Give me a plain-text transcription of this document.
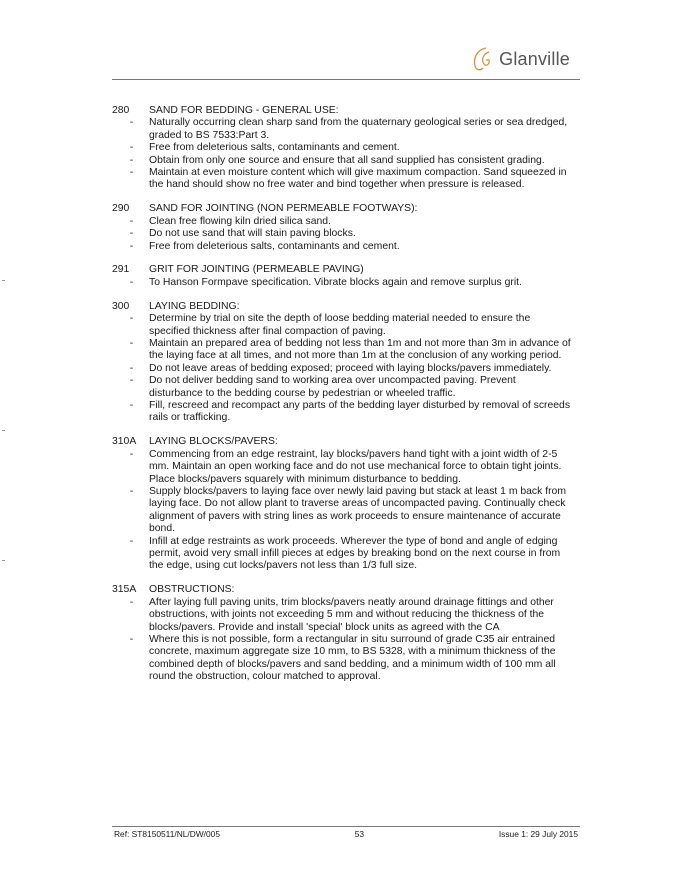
Glanville
280	SAND FOR BEDDING - GENERAL USE:
-	Naturally occurring clean sharp sand from the quaternary geological series or sea dredged, graded to BS 7533:Part 3.
-	Free from deleterious salts, contaminants and cement.
-	Obtain from only one source and ensure that all sand supplied has consistent grading.
-	Maintain at even moisture content which will give maximum compaction. Sand squeezed in the hand should show no free water and bind together when pressure is released.
290	SAND FOR JOINTING (NON PERMEABLE FOOTWAYS):
-	Clean free flowing kiln dried silica sand.
-	Do not use sand that will stain paving blocks.
-	Free from deleterious salts, contaminants and cement.
291	GRIT FOR JOINTING (PERMEABLE PAVING)
-	To Hanson Formpave specification. Vibrate blocks again and remove surplus grit.
300	LAYING BEDDING:
-	Determine by trial on site the depth of loose bedding material needed to ensure the specified thickness after final compaction of paving.
-	Maintain an prepared area of bedding not less than 1m and not more than 3m in advance of the laying face at all times, and not more than 1m at the conclusion of any working period.
-	Do not leave areas of bedding exposed; proceed with laying blocks/pavers immediately.
-	Do not deliver bedding sand to working area over uncompacted paving. Prevent disturbance to the bedding course by pedestrian or wheeled traffic.
-	Fill, rescreed and recompact any parts of the bedding layer disturbed by removal of screeds rails or trafficking.
310A	LAYING BLOCKS/PAVERS:
-	Commencing from an edge restraint, lay blocks/pavers hand tight with a joint width of 2-5 mm. Maintain an open working face and do not use mechanical force to obtain tight joints. Place blocks/pavers squarely with minimum disturbance to bedding.
-	Supply blocks/pavers to laying face over newly laid paving but stack at least 1 m back from laying face. Do not allow plant to traverse areas of uncompacted paving. Continually check alignment of pavers with string lines as work proceeds to ensure maintenance of accurate bond.
-	Infill at edge restraints as work proceeds. Wherever the type of bond and angle of edging permit, avoid very small infill pieces at edges by breaking bond on the next course in from the edge, using cut locks/pavers not less than 1/3 full size.
315A	OBSTRUCTIONS:
-	After laying full paving units, trim blocks/pavers neatly around drainage fittings and other obstructions, with joints not exceeding 5 mm and without reducing the thickness of the blocks/pavers. Provide and install 'special' block units as agreed with the CA
-	Where this is not possible, form a rectangular in situ surround of grade C35 air entrained concrete, maximum aggregate size 10 mm, to BS 5328, with a minimum thickness of the combined depth of blocks/pavers and sand bedding, and a minimum width of 100 mm all round the obstruction, colour matched to approval.
Ref: ST8150511/NL/DW/005	53	Issue 1: 29 July 2015
